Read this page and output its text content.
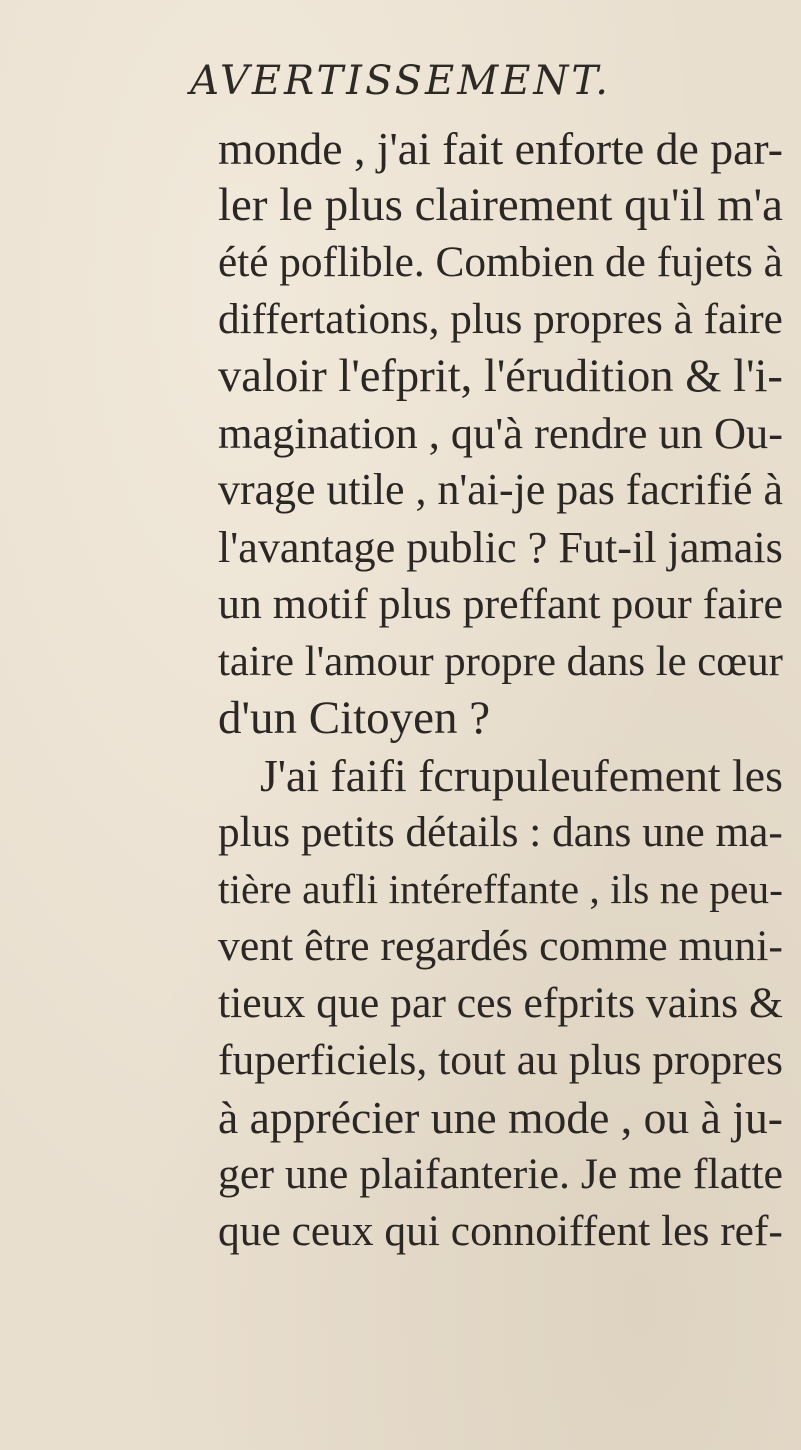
AVERTISSEMENT.
monde , j'ai fait enforte de par-
ler le plus clairement qu'il m'a
été poflible. Combien de fujets à
differtations, plus propres à faire
valoir l'efprit, l'érudition & l'i-
magination , qu'à rendre un Ou-
vrage utile , n'ai-je pas facrifié à
l'avantage public ? Fut-il jamais
un motif plus preffant pour faire
taire l'amour propre dans le cœur
d'un Citoyen ?
J'ai faifi fcrupuleufement les
plus petits détails : dans une ma-
tière aufli intéreffante , ils ne peu-
vent être regardés comme muni-
tieux que par ces efprits vains &
fuperficiels, tout au plus propres
à apprécier une mode , ou à ju-
ger une plaifanterie. Je me flatte
que ceux qui connoiffent les ref-
